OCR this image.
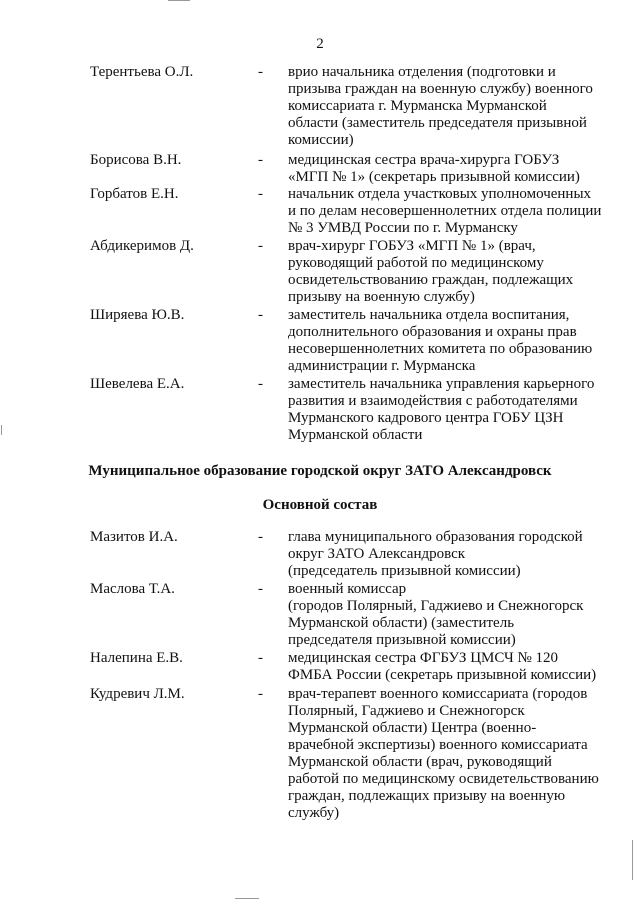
2
Терентьева О.Л.	- врио начальника отделения (подготовки и
призыва граждан на военную службу) военного
комиссариата г. Мурманска Мурманской
области (заместитель председателя призывной
комиссии)
Борисова В.Н.	- медицинская сестра врача-хирурга ГОБУЗ
«МГП № 1» (секретарь призывной комиссии)
Горбатов Е.Н.	- начальник отдела участковых уполномоченных
и по делам несовершеннолетних отдела полиции
№ 3 УМВД России по г. Мурманску
Абдикеримов Д.	- врач-хирург ГОБУЗ «МГП № 1» (врач,
руководящий работой по медицинскому
освидетельствованию граждан, подлежащих
призыву на военную службу)
Ширяева Ю.В.	- заместитель начальника отдела воспитания,
дополнительного образования и охраны прав
несовершеннолетних комитета по образованию
администрации г. Мурманска
Шевелева Е.А.	- заместитель начальника управления карьерного
развития и взаимодействия с работодателями
Мурманского кадрового центра ГОБУ ЦЗН
Мурманской области
Муниципальное образование городской округ ЗАТО Александровск
Основной состав
Мазитов И.А.	- глава муниципального образования городской
округ ЗАТО Александровск
(председатель призывной комиссии)
Маслова Т.А.	- военный комиссар
(городов Полярный, Гаджиево и Снежногорск
Мурманской области) (заместитель
председателя призывной комиссии)
Налепина Е.В.	- медицинская сестра ФГБУЗ ЦМСЧ № 120
ФМБА России (секретарь призывной комиссии)
Кудревич Л.М.	- врач-терапевт военного комиссариата (городов
Полярный, Гаджиево и Снежногорск
Мурманской области) Центра (военно-
врачебной экспертизы) военного комиссариата
Мурманской области (врач, руководящий
работой по медицинскому освидетельствованию
граждан, подлежащих призыву на военную
службу)
